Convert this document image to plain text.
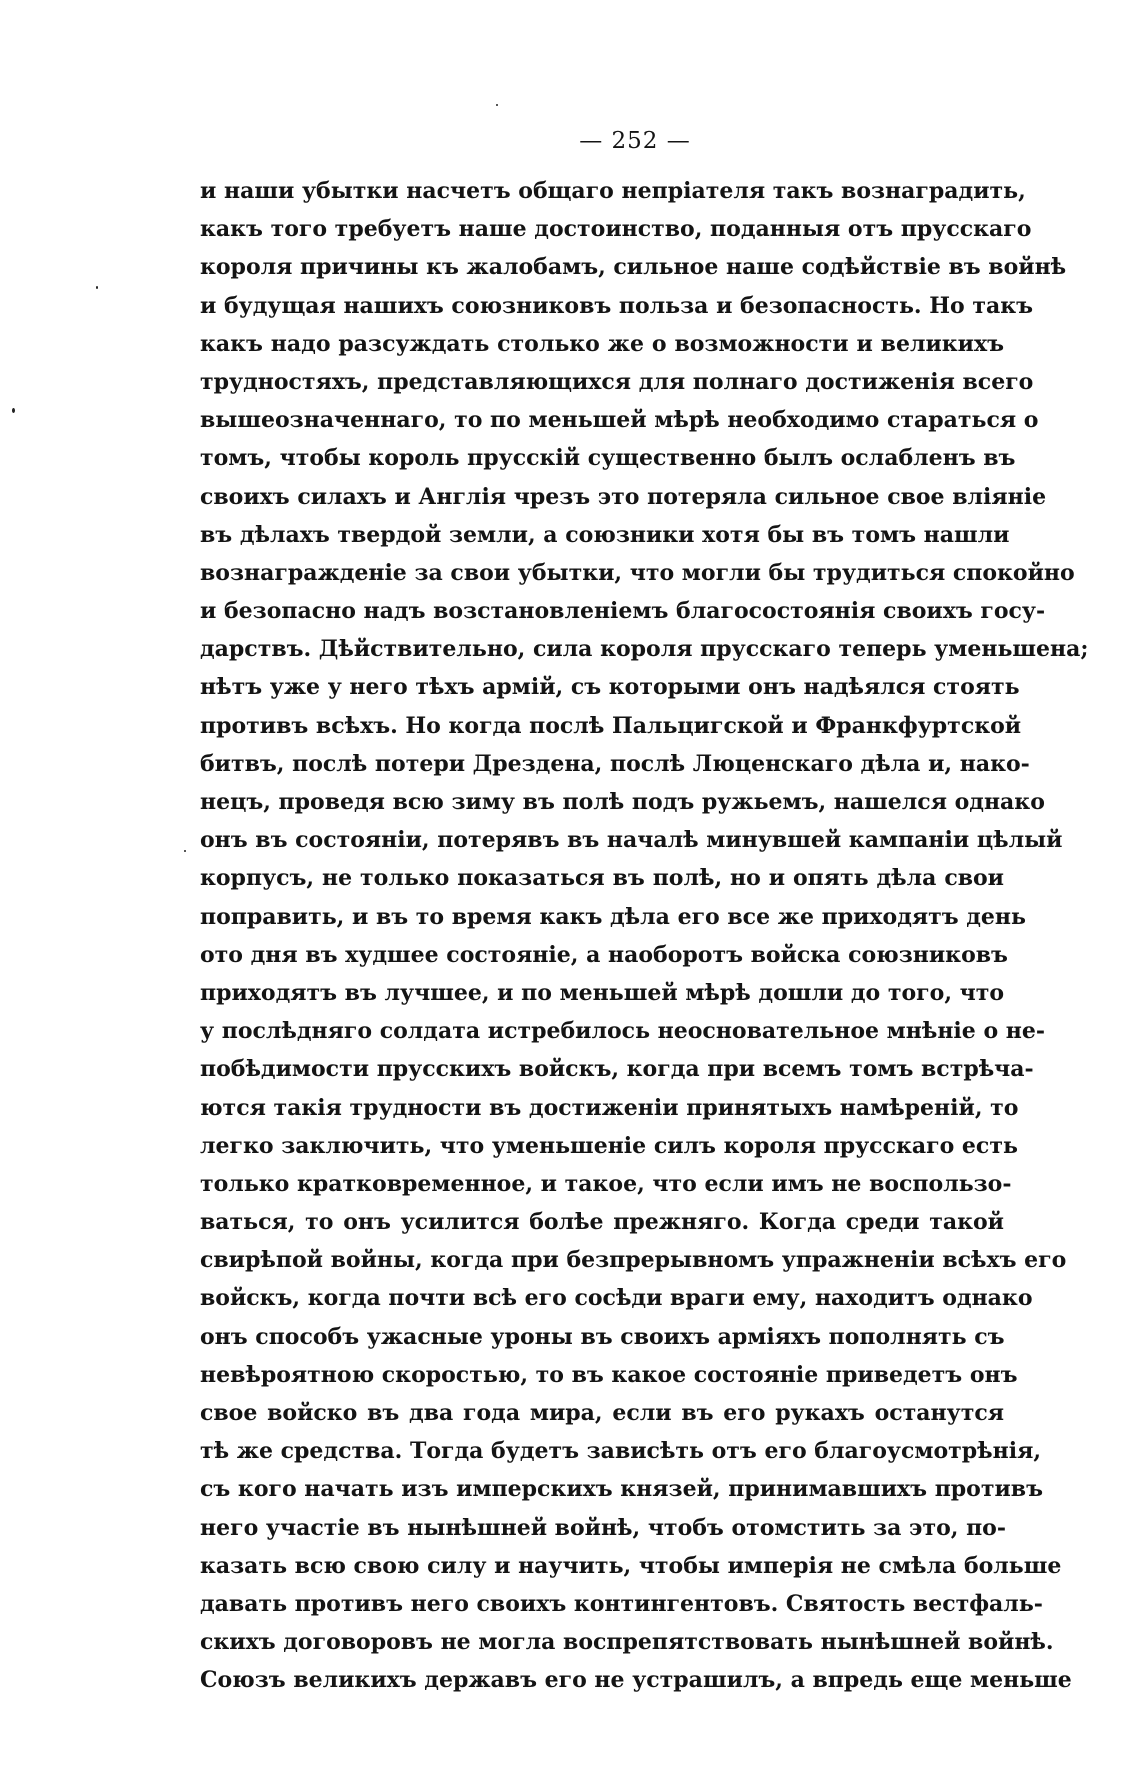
— 252 —
и наши убытки насчетъ общаго непріателя такъ вознаградить,
какъ того требуетъ наше достоинство, поданныя отъ прусскаго
короля причины къ жалобамъ, сильное наше содѣйствіе въ войнѣ
и будущая нашихъ союзниковъ польза и безопасность. Но такъ
какъ надо разсуждать столько же о возможности и великихъ
трудностяхъ, представляющихся для полнаго достиженія всего
вышеозначеннаго, то по меньшей мѣрѣ необходимо стараться о
томъ, чтобы король прусскій существенно былъ ослабленъ въ
своихъ силахъ и Англія чрезъ это потеряла сильное свое вліяніе
въ дѣлахъ твердой земли, а союзники хотя бы въ томъ нашли
вознагражденіе за свои убытки, что могли бы трудиться спокойно
и безопасно надъ возстановленіемъ благосостоянія своихъ госу-
дарствъ. Дѣйствительно, сила короля прусскаго теперь уменьшена;
нѣтъ уже у него тѣхъ армій, съ которыми онъ надѣялся стоять
противъ всѣхъ. Но когда послѣ Пальцигской и Франкфуртской
битвъ, послѣ потери Дрездена, послѣ Люценскаго дѣла и, нако-
нецъ, проведя всю зиму въ полѣ подъ ружьемъ, нашелся однако
онъ въ состояніи, потерявъ въ началѣ минувшей кампаніи цѣлый
корпусъ, не только показаться въ полѣ, но и опять дѣла свои
поправить, и въ то время какъ дѣла его все же приходятъ день
ото дня въ худшее состояніе, а наоборотъ войска союзниковъ
приходятъ въ лучшее, и по меньшей мѣрѣ дошли до того, что
у послѣдняго солдата истребилось неосновательное мнѣніе о не-
побѣдимости прусскихъ войскъ, когда при всемъ томъ встрѣча-
ются такія трудности въ достиженіи принятыхъ намѣреній, то
легко заключить, что уменьшеніе силъ короля прусскаго есть
только кратковременное, и такое, что если имъ не воспользо-
ваться, то онъ усилится болѣе прежняго. Когда среди такой
свирѣпой войны, когда при безпрерывномъ упражненіи всѣхъ его
войскъ, когда почти всѣ его сосѣди враги ему, находитъ однако
онъ способъ ужасные уроны въ своихъ арміяхъ пополнять съ
невѣроятною скоростью, то въ какое состояніе приведетъ онъ
свое войско въ два года мира, если въ его рукахъ останутся
тѣ же средства. Тогда будетъ зависѣть отъ его благоусмотрѣнія,
съ кого начать изъ имперскихъ князей, принимавшихъ противъ
него участіе въ нынѣшней войнѣ, чтобъ отомстить за это, по-
казать всю свою силу и научить, чтобы имперія не смѣла больше
давать противъ него своихъ контингентовъ. Святость вестфаль-
скихъ договоровъ не могла воспрепятствовать нынѣшней войнѣ.
Союзъ великихъ державъ его не устрашилъ, а впредь еще меньше
